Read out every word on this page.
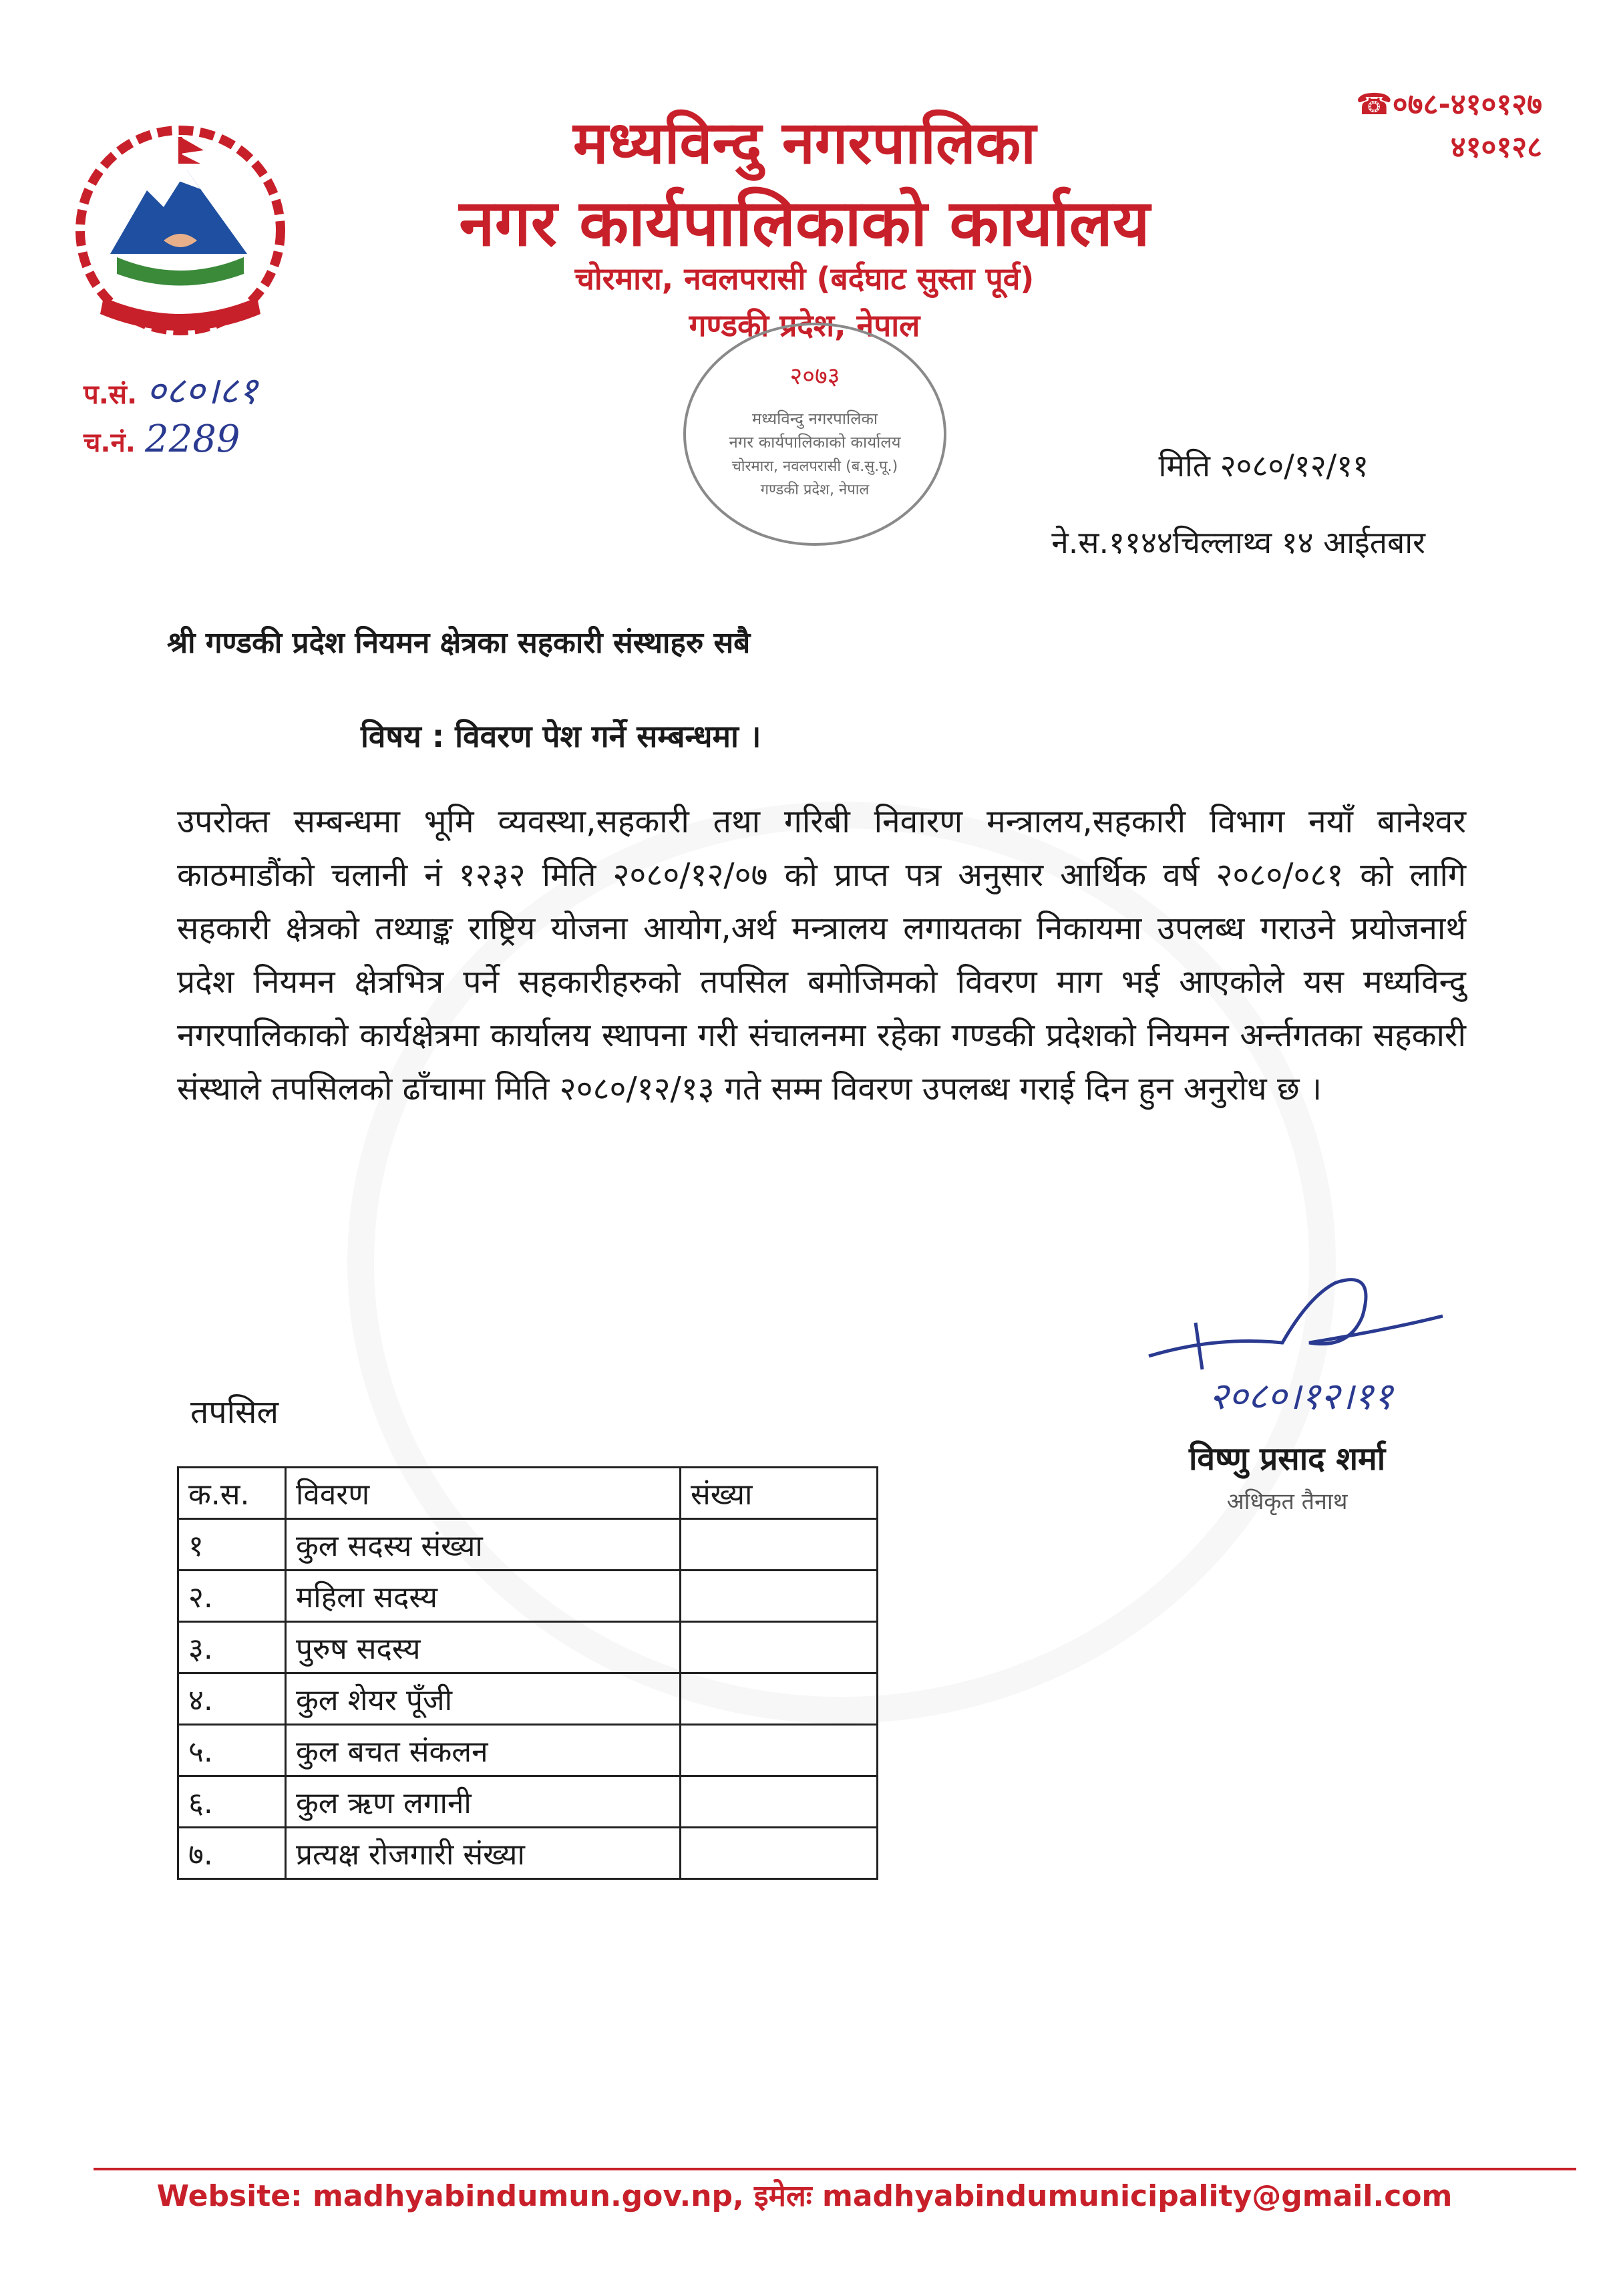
मध्यविन्दु नगरपालिका
नगर कार्यपालिकाको कार्यालय
चोरमारा, नवलपरासी (बर्दघाट सुस्ता पूर्व)
गण्डकी प्रदेश, नेपाल
☎०७८-४१०१२७
४१०१२८
प.सं. ०८०।८१
च.नं. 2289
२०७३
मध्यविन्दु नगरपालिका
नगर कार्यपालिकाको कार्यालय
चोरमारा, नवलपरासी (ब.सु.पू.)
गण्डकी प्रदेश, नेपाल
मिति २०८०/१२/११
ने.स.११४४चिल्लाथ्व १४ आईतबार
श्री गण्डकी प्रदेश नियमन क्षेत्रका सहकारी संस्थाहरु सबै
विषय : विवरण पेश गर्ने सम्बन्धमा ।
उपरोक्त सम्बन्धमा भूमि व्यवस्था,सहकारी तथा गरिबी निवारण मन्त्रालय,सहकारी विभाग नयाँ बानेश्वर काठमाडौंको चलानी नं १२३२ मिति २०८०/१२/०७ को प्राप्त पत्र अनुसार आर्थिक वर्ष २०८०/०८१ को लागि सहकारी क्षेत्रको तथ्याङ्क राष्ट्रिय योजना आयोग,अर्थ मन्त्रालय लगायतका निकायमा उपलब्ध गराउने प्रयोजनार्थ प्रदेश नियमन क्षेत्रभित्र पर्ने सहकारीहरुको तपसिल बमोजिमको विवरण माग भई आएकोले यस मध्यविन्दु नगरपालिकाको कार्यक्षेत्रमा कार्यालय स्थापना गरी संचालनमा रहेका गण्डकी प्रदेशको नियमन अर्न्तगतका सहकारी संस्थाले तपसिलको ढाँचामा मिति २०८०/१२/१३ गते सम्म विवरण उपलब्ध गराई दिन हुन अनुरोध छ ।
तपसिल	२०८०।१२।११
विष्णु प्रसाद शर्मा
अधिकृत तैनाथ
क.स.	विवरण	संख्या
१	कुल सदस्य संख्या	
२.	महिला सदस्य	
३.	पुरुष सदस्य	
४.	कुल शेयर पूँजी	
५.	कुल बचत संकलन	
६.	कुल ऋण लगानी	
७.	प्रत्यक्ष रोजगारी संख्या	
Website: madhyabindumun.gov.np, इमेलः madhyabindumunicipality@gmail.com
